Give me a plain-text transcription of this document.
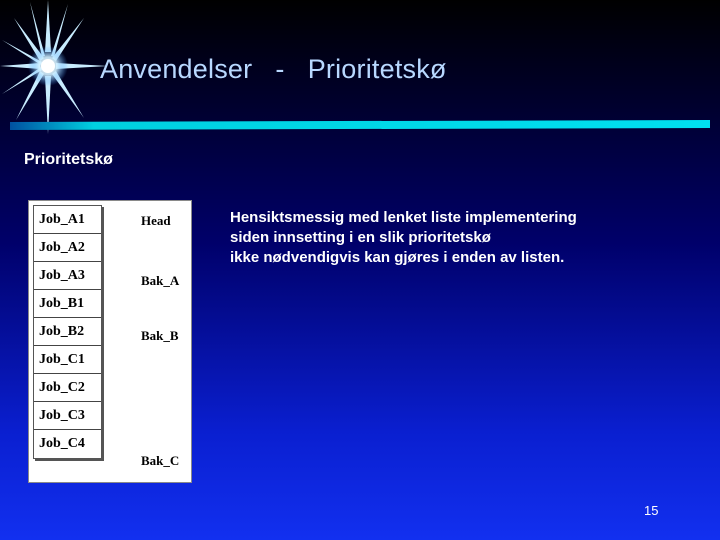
Anvendelser   -   Prioritetskø
Prioritetskø
Job_A1
Job_A2
Job_A3
Job_B1
Job_B2
Job_C1
Job_C2
Job_C3
Job_C4
Head
Bak_A
Bak_B
Bak_C
Hensiktsmessig med lenket liste implementering
siden innsetting i en slik prioritetskø
ikke nødvendigvis kan gjøres i enden av listen.
15
